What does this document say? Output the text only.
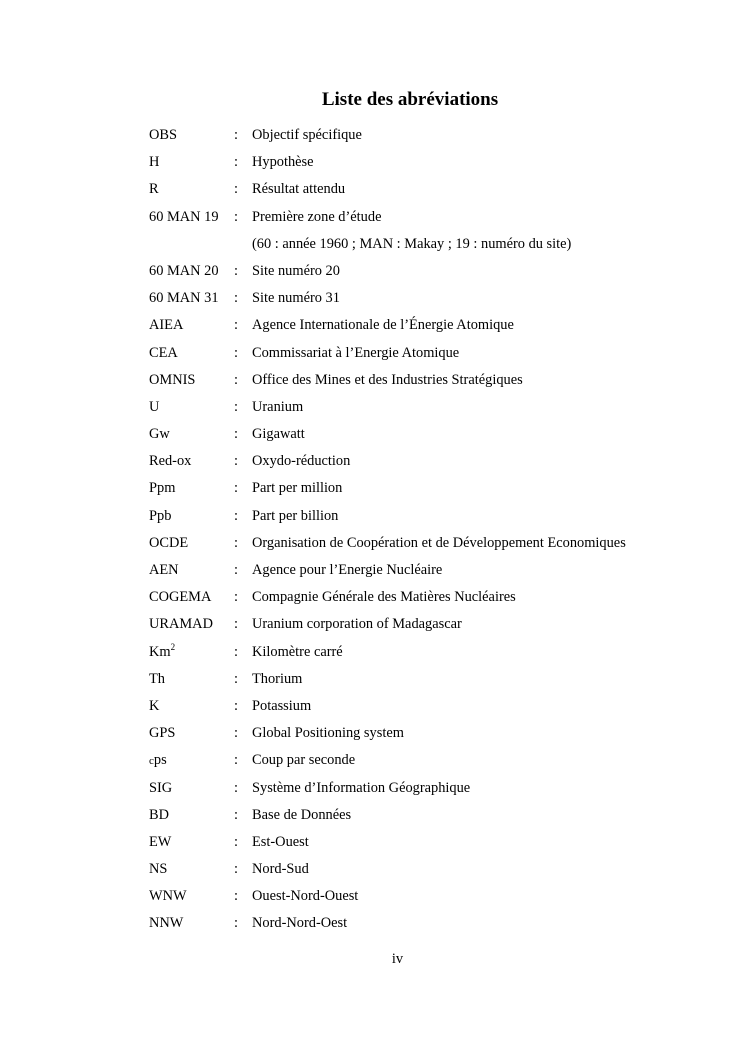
Liste des abréviations
OBS	: Objectif spécifique
H	: Hypothèse
R	: Résultat attendu
60 MAN 19	: Première zone d’étude
(60 : année 1960 ; MAN : Makay ; 19 : numéro du site)
60 MAN 20	: Site numéro 20
60 MAN 31	: Site numéro 31
AIEA	: Agence Internationale de l’Énergie Atomique
CEA	: Commissariat à l’Energie Atomique
OMNIS	: Office des Mines et des Industries Stratégiques
U	: Uranium
Gw	: Gigawatt
Red-ox	: Oxydo-réduction
Ppm	: Part per million
Ppb	: Part per billion
OCDE	: Organisation de Coopération et de Développement Economiques
AEN	: Agence pour l’Energie Nucléaire
COGEMA	: Compagnie Générale des Matières Nucléaires
URAMAD	: Uranium corporation of Madagascar
Km$^2$	: Kilomètre carré
Th	: Thorium
K	: Potassium
GPS	: Global Positioning system
cps	: Coup par seconde
SIG	: Système d’Information Géographique
BD	: Base de Données
EW	: Est-Ouest
NS	: Nord-Sud
WNW	: Ouest-Nord-Ouest
NNW	: Nord-Nord-Oest
iv
